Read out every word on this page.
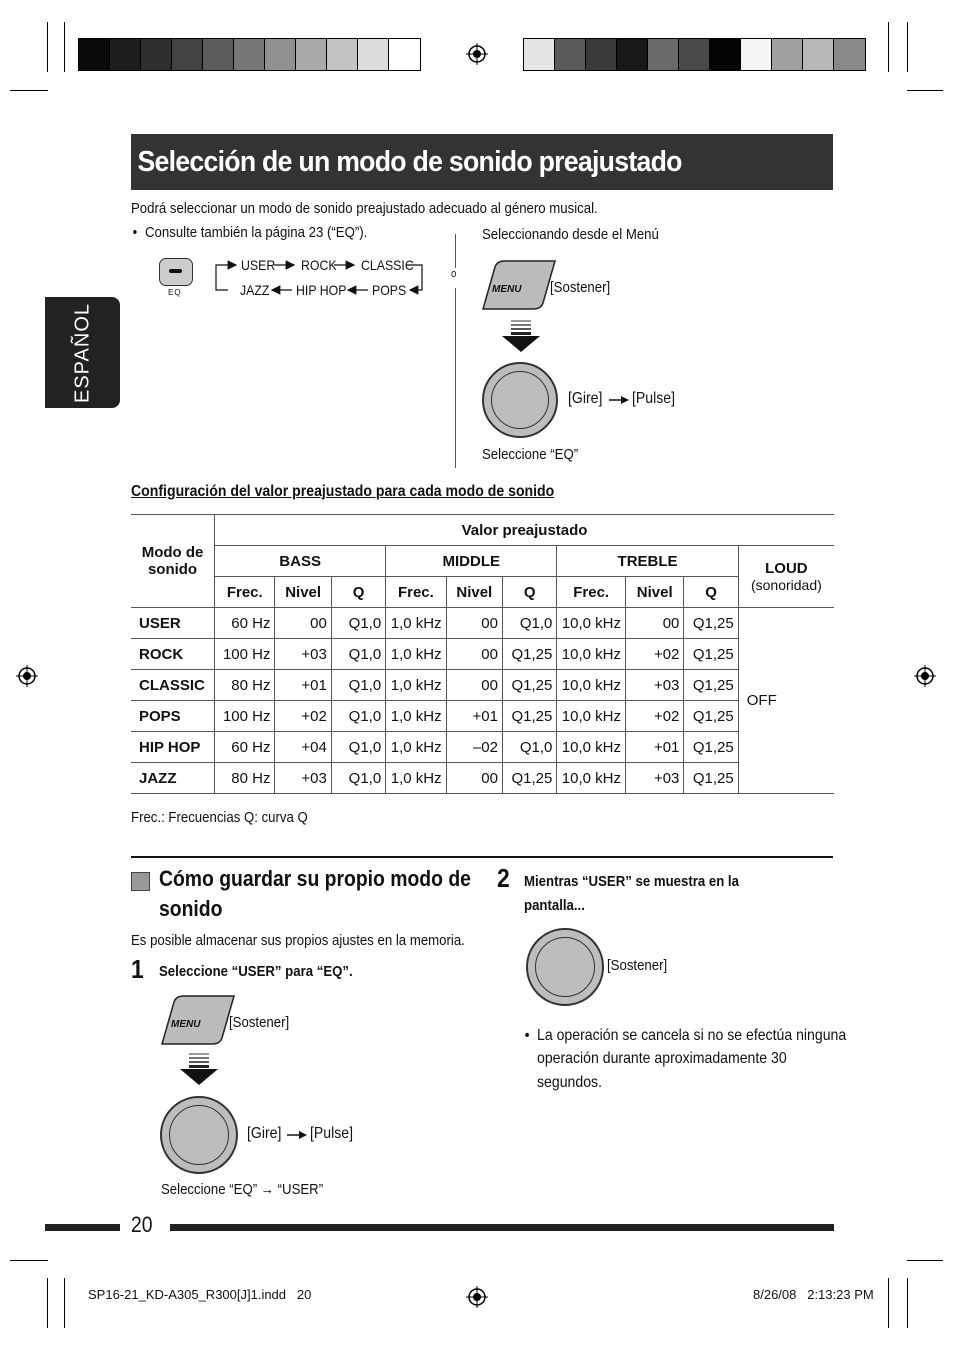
Selección de un modo de sonido preajustado
ESPAÑOL
Podrá seleccionar un modo de sonido preajustado adecuado al género musical.
• Consulte también la página 23 (“EQ”).
EQ
USER ROCK CLASSIC
JAZZ HIP HOP POPS
o
Seleccionando desde el Menú
MENU [Sostener]
[Gire] [Pulse]
Seleccione “EQ”
Configuración del valor preajustado para cada modo de sonido
Modo de
sonido	Valor preajustado									
	BASS			MIDDLE			TREBLE			LOUD
(sonoridad)

	Frec.	Nivel	Q	Frec.	Nivel	Q	Frec.	Nivel	Q	
USER	60 Hz	00	Q1,0	1,0 kHz	00	Q1,0	10,0 kHz	00	Q1,25	OFF
ROCK	100 Hz	+03	Q1,0	1,0 kHz	00	Q1,25	10,0 kHz	+02	Q1,25	
CLASSIC	80 Hz	+01	Q1,0	1,0 kHz	00	Q1,25	10,0 kHz	+03	Q1,25	
POPS	100 Hz	+02	Q1,0	1,0 kHz	+01	Q1,25	10,0 kHz	+02	Q1,25	
HIP HOP	60 Hz	+04	Q1,0	1,0 kHz	–02	Q1,0	10,0 kHz	+01	Q1,25	
JAZZ	80 Hz	+03	Q1,0	1,0 kHz	00	Q1,25	10,0 kHz	+03	Q1,25	
Frec.: Frecuencias Q: curva Q
Cómo guardar su propio modo de
sonido
Es posible almacenar sus propios ajustes en la memoria.
1 Seleccione “USER” para “EQ”.
MENU [Sostener]
[Gire] [Pulse]
Seleccione “EQ” → “USER”
2 Mientras “USER” se muestra en la
pantalla...
[Sostener]
• La operación se cancela si no se efectúa ninguna
operación durante aproximadamente 30
segundos.
20
SP16-21_KD-A305_R300[J]1.indd   20	8/26/08   2:13:23 PM
